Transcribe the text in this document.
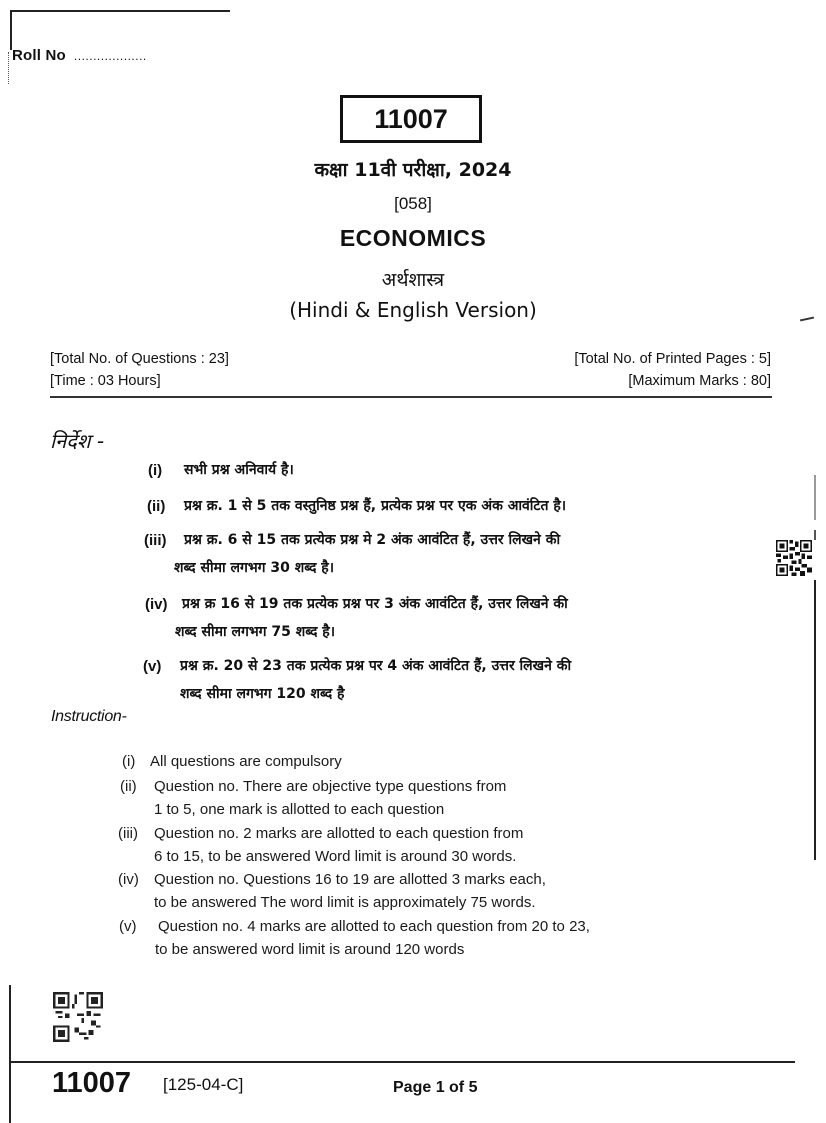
Roll No ...................
11007
कक्षा 11वी परीक्षा, 2024
[058]
ECONOMICS
अर्थशास्त्र
(Hindi & English Version)
[Total No. of Questions : 23]
[Time : 03 Hours]
[Total No. of Printed Pages : 5]
[Maximum Marks : 80]
निर्देश -
(i) सभी प्रश्न अनिवार्य है।
(ii) प्रश्न क्र. 1 से 5 तक वस्तुनिष्ठ प्रश्न हैं, प्रत्येक प्रश्न पर एक अंक आवंटित है।
(iii) प्रश्न क्र. 6 से 15 तक प्रत्येक प्रश्न मे 2 अंक आवंटित हैं, उत्तर लिखने की
शब्द सीमा लगभग 30 शब्द है।
(iv) प्रश्न क्र 16 से 19 तक प्रत्येक प्रश्न पर 3 अंक आवंटित हैं, उत्तर लिखने की
शब्द सीमा लगभग 75 शब्द है।
(v) प्रश्न क्र. 20 से 23 तक प्रत्येक प्रश्न पर 4 अंक आवंटित हैं, उत्तर लिखने की
शब्द सीमा लगभग 120 शब्द है
Instruction-
(i) All questions are compulsory
(ii) Question no. There are objective type questions from
1 to 5, one mark is allotted to each question
(iii) Question no. 2 marks are allotted to each question from
6 to 15, to be answered Word limit is around 30 words.
(iv) Question no. Questions 16 to 19 are allotted 3 marks each,
to be answered The word limit is approximately 75 words.
(v) Question no. 4 marks are allotted to each question from 20 to 23,
to be answered word limit is around 120 words
11007 [125-04-C]	Page 1 of 5
